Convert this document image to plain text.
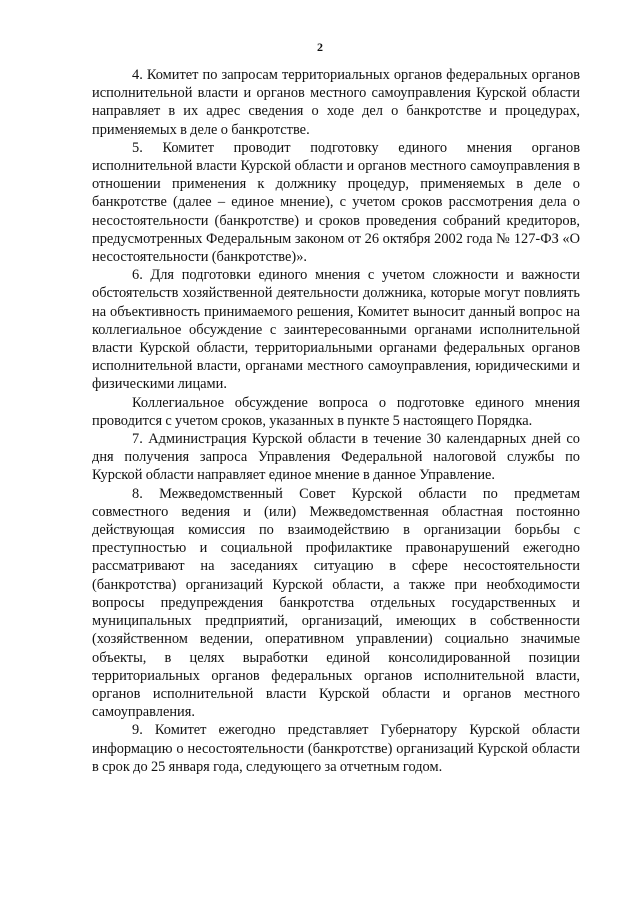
2

4. Комитет по запросам территориальных органов федеральных органов исполнительной власти и органов местного самоуправления Курской области направляет в их адрес сведения о ходе дел о банкротстве и процедурах, применяемых в деле о банкротстве.

5. Комитет проводит подготовку единого мнения органов исполнительной власти Курской области и органов местного самоуправления в отношении применения к должнику процедур, применяемых в деле о банкротстве (далее – единое мнение), с учетом сроков рассмотрения дела о несостоятельности (банкротстве) и сроков проведения собраний кредиторов, предусмотренных Федеральным законом от 26 октября 2002 года № 127-ФЗ «О несостоятельности (банкротстве)».

6. Для подготовки единого мнения с учетом сложности и важности обстоятельств хозяйственной деятельности должника, которые могут повлиять на объективность принимаемого решения, Комитет выносит данный вопрос на коллегиальное обсуждение с заинтересованными органами исполнительной власти Курской области, территориальными органами федеральных органов исполнительной власти, органами местного самоуправления, юридическими и физическими лицами.

Коллегиальное обсуждение вопроса о подготовке единого мнения проводится с учетом сроков, указанных в пункте 5 настоящего Порядка.

7. Администрация Курской области в течение 30 календарных дней со дня получения запроса Управления Федеральной налоговой службы по Курской области направляет единое мнение в данное Управление.

8. Межведомственный Совет Курской области по предметам совместного ведения и (или) Межведомственная областная постоянно действующая комиссия по взаимодействию в организации борьбы с преступностью и социальной профилактике правонарушений ежегодно рассматривают на заседаниях ситуацию в сфере несостоятельности (банкротства) организаций Курской области, а также при необходимости вопросы предупреждения банкротства отдельных государственных и муниципальных предприятий, организаций, имеющих в собственности (хозяйственном ведении, оперативном управлении) социально значимые объекты, в целях выработки единой консолидированной позиции территориальных органов федеральных органов исполнительной власти, органов исполнительной власти Курской области и органов местного самоуправления.

9. Комитет ежегодно представляет Губернатору Курской области информацию о несостоятельности (банкротстве) организаций Курской области в срок до 25 января года, следующего за отчетным годом.
